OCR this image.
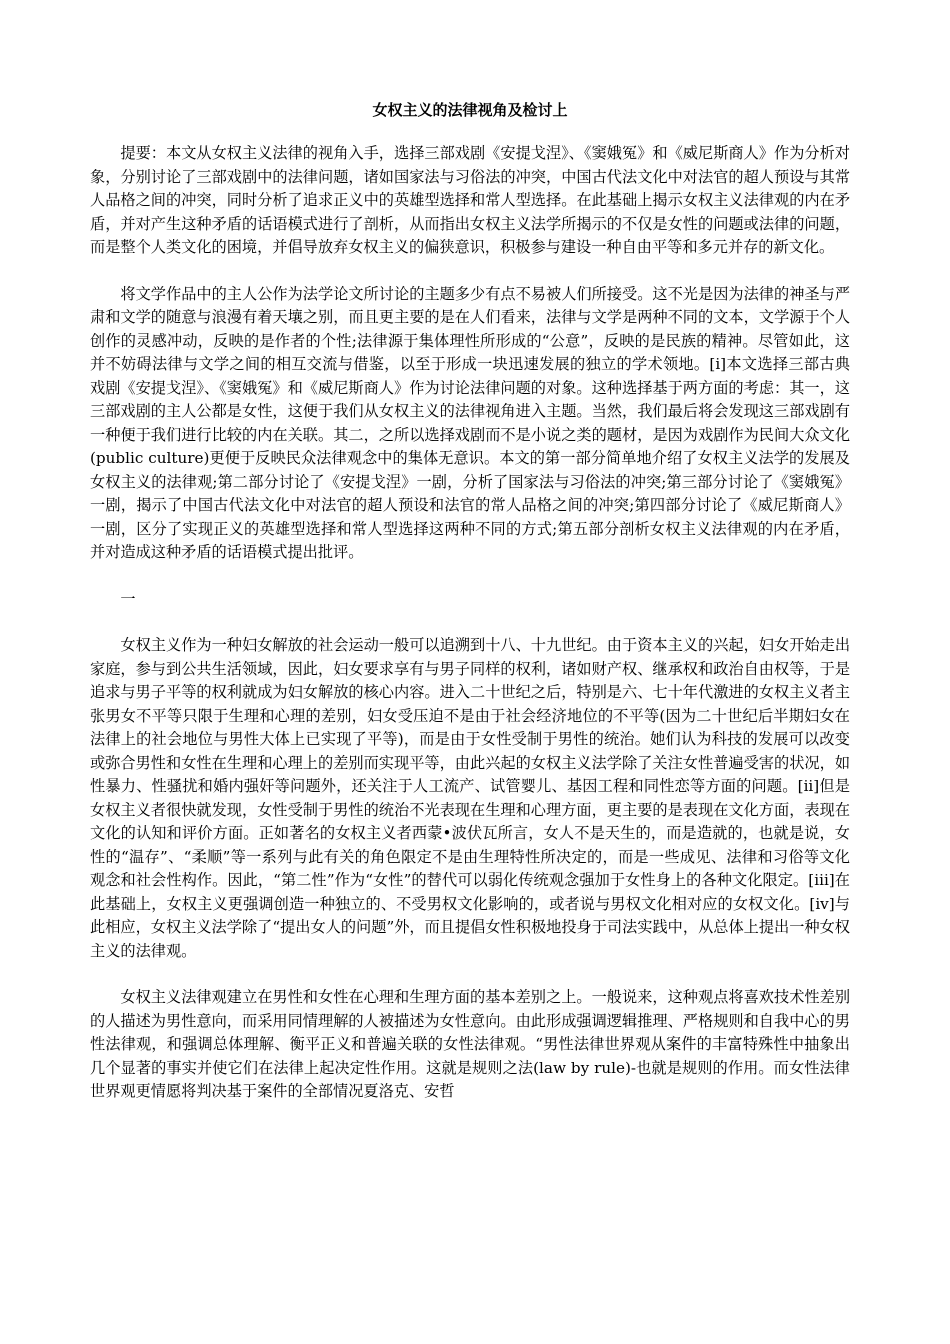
女权主义的法律视角及检讨上

提要：本文从女权主义法律的视角入手，选择三部戏剧《安提戈涅》、《窦娥冤》和《威尼斯商人》作为分析对象，分别讨论了三部戏剧中的法律问题，诸如国家法与习俗法的冲突，中国古代法文化中对法官的超人预设与其常人品格之间的冲突，同时分析了追求正义中的英雄型选择和常人型选择。在此基础上揭示女权主义法律观的内在矛盾，并对产生这种矛盾的话语模式进行了剖析，从而指出女权主义法学所揭示的不仅是女性的问题或法律的问题，而是整个人类文化的困境，并倡导放弃女权主义的偏狭意识，积极参与建设一种自由平等和多元并存的新文化。

将文学作品中的主人公作为法学论文所讨论的主题多少有点不易被人们所接受。这不光是因为法律的神圣与严肃和文学的随意与浪漫有着天壤之别，而且更主要的是在人们看来，法律与文学是两种不同的文本，文学源于个人创作的灵感冲动，反映的是作者的个性;法律源于集体理性所形成的“公意”，反映的是民族的精神。尽管如此，这并不妨碍法律与文学之间的相互交流与借鉴，以至于形成一块迅速发展的独立的学术领地。[i]本文选择三部古典戏剧《安提戈涅》、《窦娥冤》和《威尼斯商人》作为讨论法律问题的对象。这种选择基于两方面的考虑：其一，这三部戏剧的主人公都是女性，这便于我们从女权主义的法律视角进入主题。当然，我们最后将会发现这三部戏剧有一种便于我们进行比较的内在关联。其二，之所以选择戏剧而不是小说之类的题材，是因为戏剧作为民间大众文化(public culture)更便于反映民众法律观念中的集体无意识。本文的第一部分简单地介绍了女权主义法学的发展及女权主义的法律观;第二部分讨论了《安提戈涅》一剧，分析了国家法与习俗法的冲突;第三部分讨论了《窦娥冤》一剧，揭示了中国古代法文化中对法官的超人预设和法官的常人品格之间的冲突;第四部分讨论了《威尼斯商人》一剧，区分了实现正义的英雄型选择和常人型选择这两种不同的方式;第五部分剖析女权主义法律观的内在矛盾，并对造成这种矛盾的话语模式提出批评。

一

女权主义作为一种妇女解放的社会运动一般可以追溯到十八、十九世纪。由于资本主义的兴起，妇女开始走出家庭，参与到公共生活领域，因此，妇女要求享有与男子同样的权利，诸如财产权、继承权和政治自由权等，于是追求与男子平等的权利就成为妇女解放的核心内容。进入二十世纪之后，特别是六、七十年代激进的女权主义者主张男女不平等只限于生理和心理的差别，妇女受压迫不是由于社会经济地位的不平等(因为二十世纪后半期妇女在法律上的社会地位与男性大体上已实现了平等)，而是由于女性受制于男性的统治。她们认为科技的发展可以改变或弥合男性和女性在生理和心理上的差别而实现平等，由此兴起的女权主义法学除了关注女性普遍受害的状况，如性暴力、性骚扰和婚内强奸等问题外，还关注于人工流产、试管婴儿、基因工程和同性恋等方面的问题。[ii]但是女权主义者很快就发现，女性受制于男性的统治不光表现在生理和心理方面，更主要的是表现在文化方面，表现在文化的认知和评价方面。正如著名的女权主义者西蒙•波伏瓦所言，女人不是天生的，而是造就的，也就是说，女性的“温存”、“柔顺”等一系列与此有关的角色限定不是由生理特性所决定的，而是一些成见、法律和习俗等文化观念和社会性构作。因此，“第二性”作为“女性”的替代可以弱化传统观念强加于女性身上的各种文化限定。[iii]在此基础上，女权主义更强调创造一种独立的、不受男权文化影响的，或者说与男权文化相对应的女权文化。[iv]与此相应，女权主义法学除了“提出女人的问题”外，而且提倡女性积极地投身于司法实践中，从总体上提出一种女权主义的法律观。

女权主义法律观建立在男性和女性在心理和生理方面的基本差别之上。一般说来，这种观点将喜欢技术性差别的人描述为男性意向，而采用同情理解的人被描述为女性意向。由此形成强调逻辑推理、严格规则和自我中心的男性法律观，和强调总体理解、衡平正义和普遍关联的女性法律观。“男性法律世界观从案件的丰富特殊性中抽象出几个显著的事实并使它们在法律上起决定性作用。这就是规则之法(law by rule)-也就是规则的作用。而女性法律世界观更情愿将判决基于案件的全部情况夏洛克、安哲
